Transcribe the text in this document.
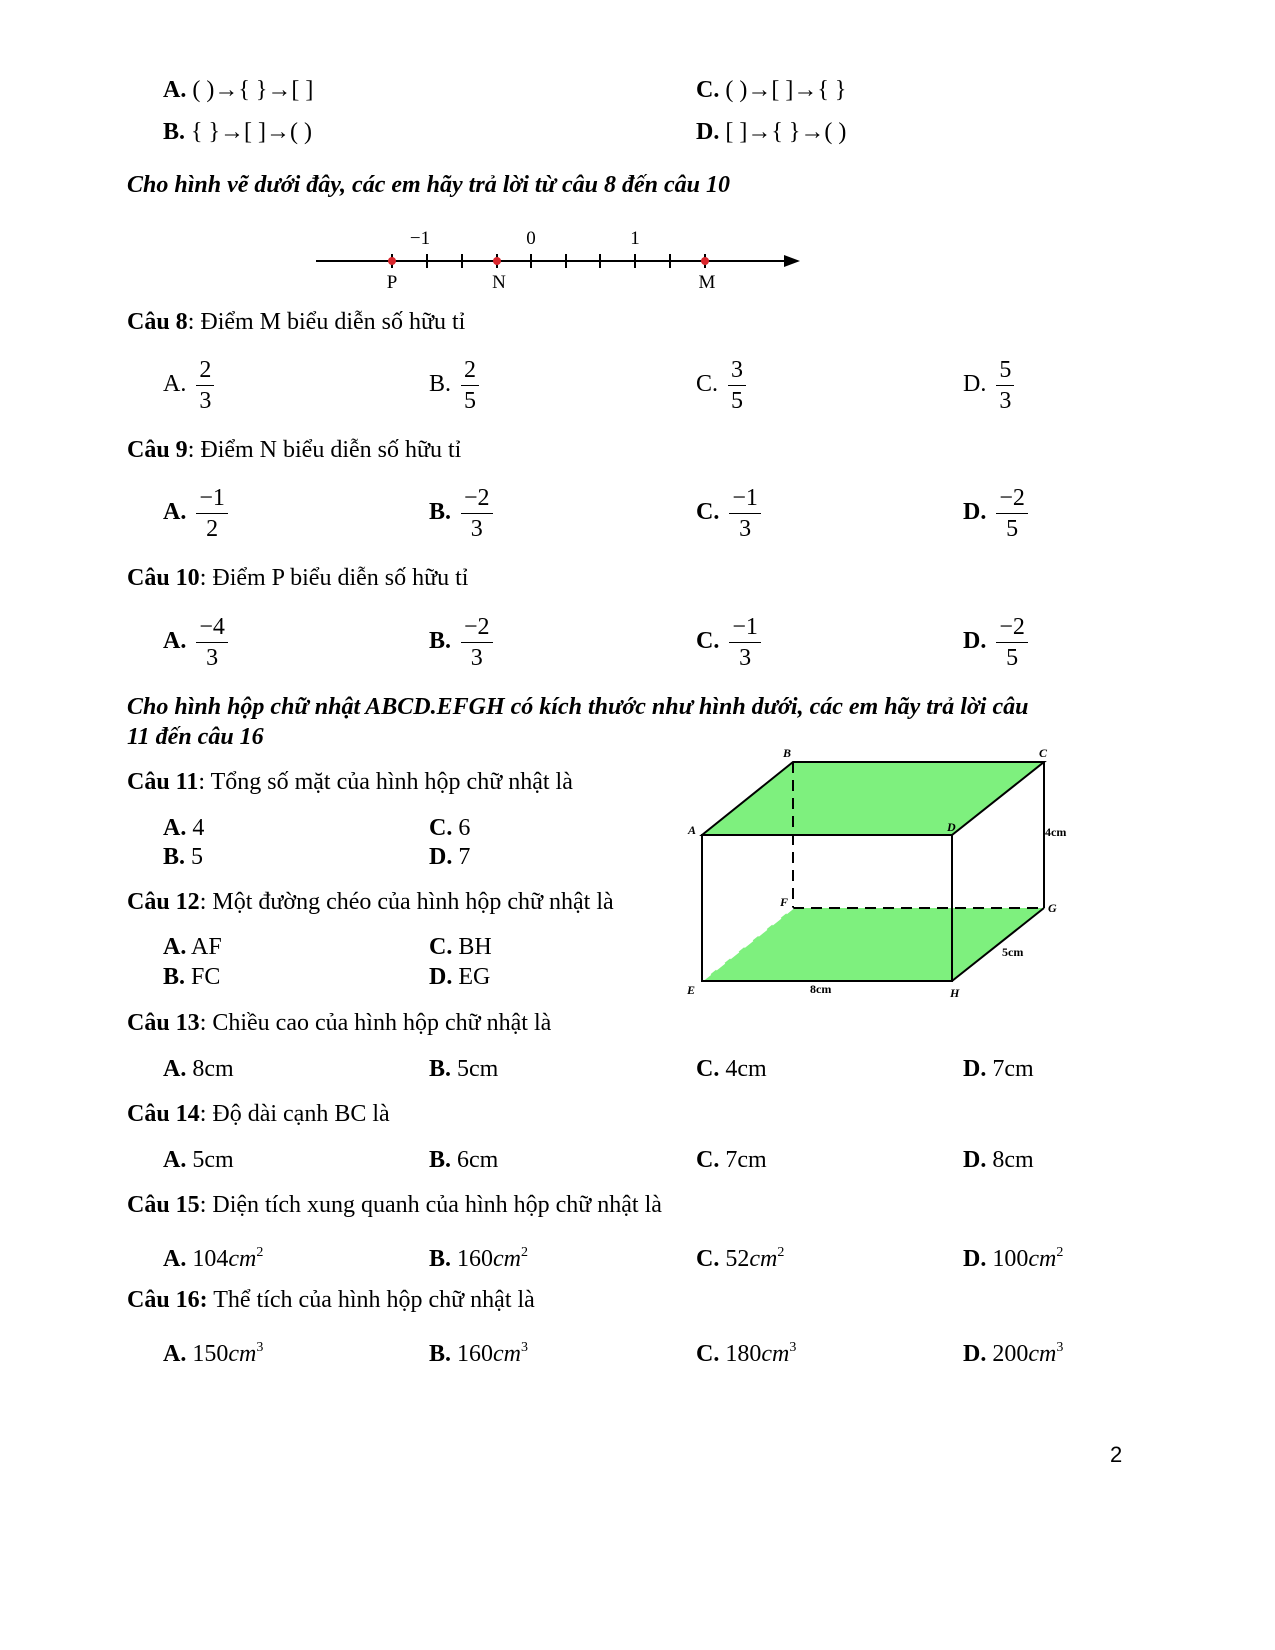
A. ( )→{ }→[ ]	C. ( )→[ ]→{ }
B. { }→[ ]→( )	D. [ ]→{ }→( )
Cho hình vẽ dưới đây, các em hãy trả lời từ câu 8 đến câu 10
−1	0	1
P	N	M
Câu 8: Điểm M biểu diễn số hữu tỉ
A. $\frac{2}{3}$	B. $\frac{2}{5}$	C. $\frac{3}{5}$	D. $\frac{5}{3}$
Câu 9: Điểm N biểu diễn số hữu tỉ
A. $\frac{-1}{2}$	B. $\frac{-2}{3}$	C. $\frac{-1}{3}$	D. $\frac{-2}{5}$
Câu 10: Điểm P biểu diễn số hữu tỉ
A. $\frac{-4}{3}$	B. $\frac{-2}{3}$	C. $\frac{-1}{3}$	D. $\frac{-2}{5}$
Cho hình hộp chữ nhật ABCD.EFGH có kích thước như hình dưới, các em hãy trả lời câu
11 đến câu 16
B	C
A	D
F	G
E	H
4cm
5cm
8cm
Câu 11: Tổng số mặt của hình hộp chữ nhật là
A. 4	C. 6
B. 5	D. 7
Câu 12: Một đường chéo của hình hộp chữ nhật là
A. AF	C. BH
B. FC	D. EG
Câu 13: Chiều cao của hình hộp chữ nhật là
A. 8cm	B. 5cm	C. 4cm	D. 7cm
Câu 14: Độ dài cạnh BC là
A. 5cm	B. 6cm	C. 7cm	D. 8cm
Câu 15: Diện tích xung quanh của hình hộp chữ nhật là
A. $104cm^2$	B. $160cm^2$	C. $52cm^2$	D. $100cm^2$
Câu 16: Thể tích của hình hộp chữ nhật là
A. $150cm^3$	B. $160cm^3$	C. $180cm^3$	D. $200cm^3$
2
